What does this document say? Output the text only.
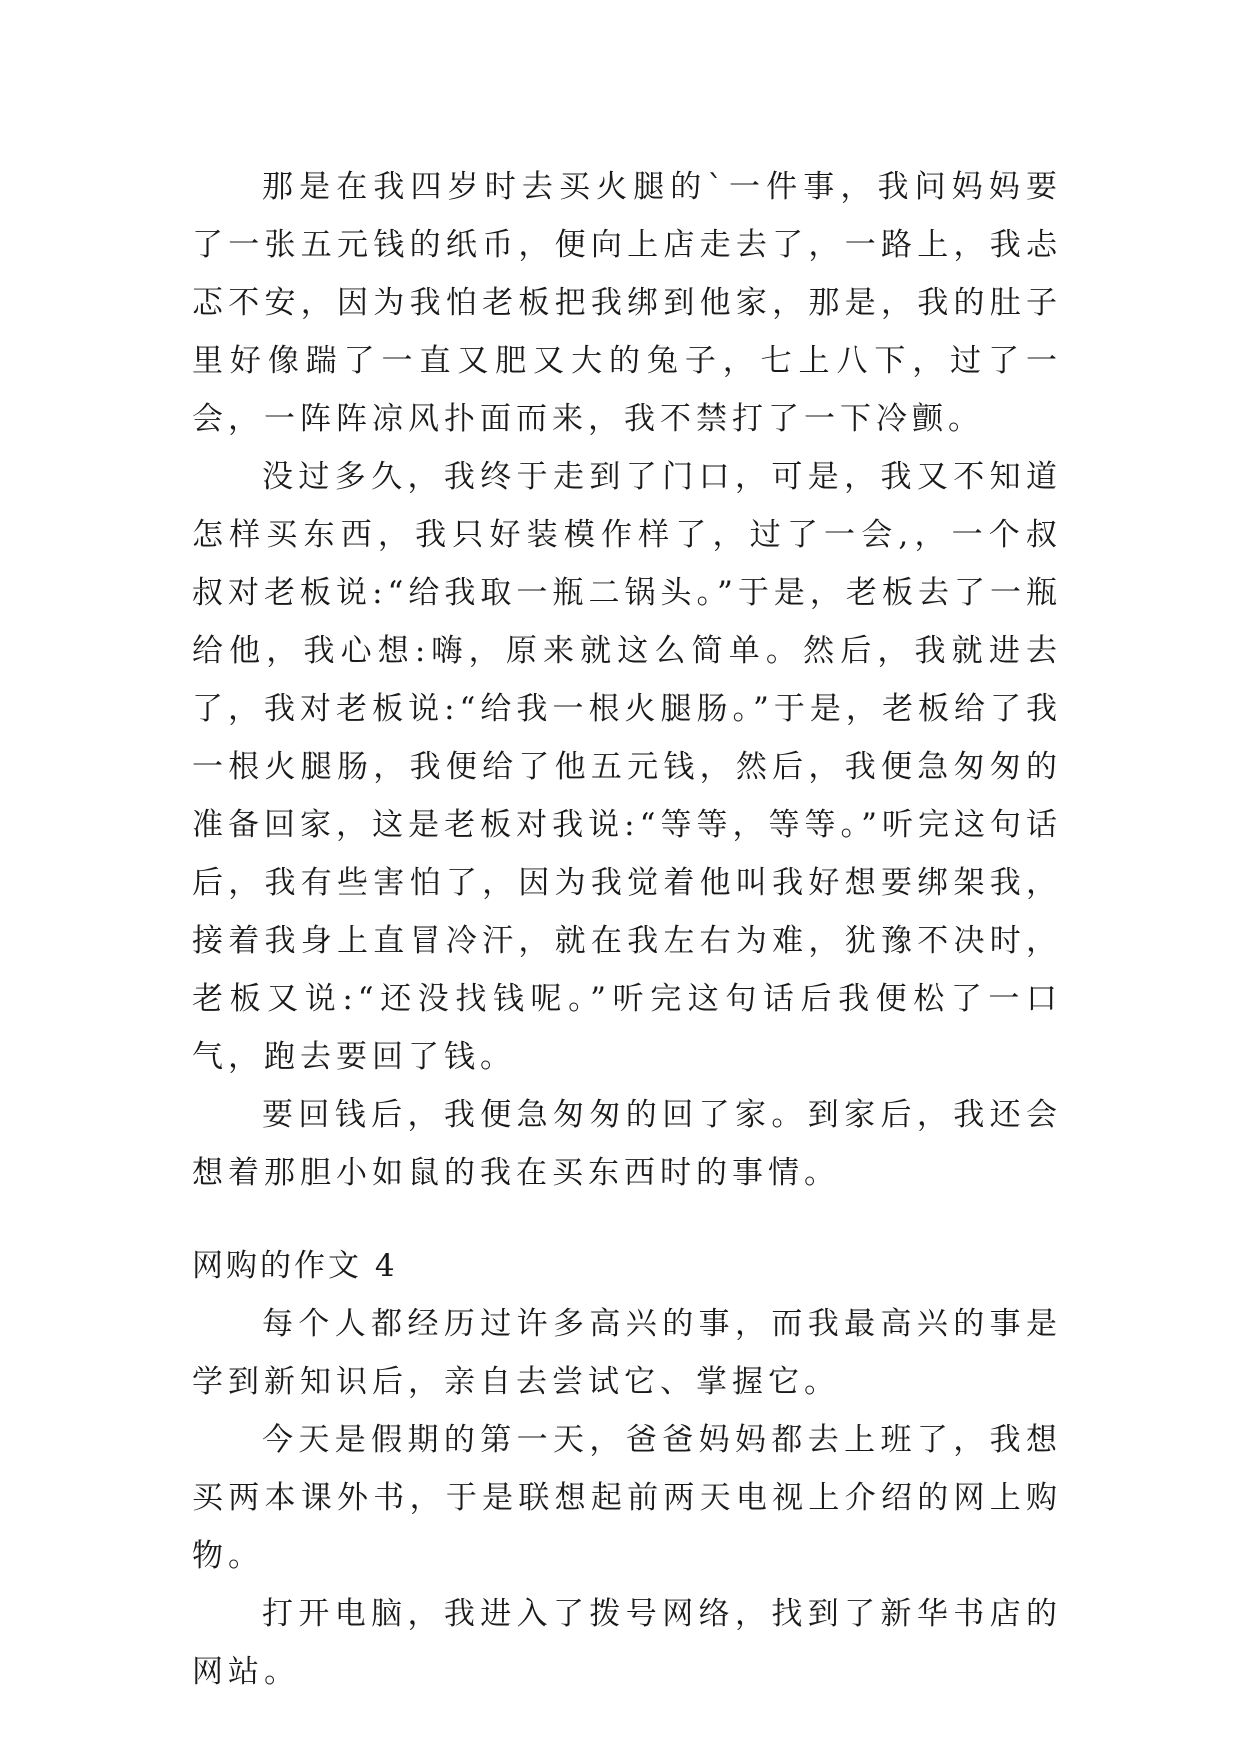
那是在我四岁时去买火腿的`一件事，我问妈妈要了一张五元钱的纸币，便向上店走去了，一路上，我忐忑不安，因为我怕老板把我绑到他家，那是，我的肚子里好像踹了一直又肥又大的兔子，七上八下，过了一会，一阵阵凉风扑面而来，我不禁打了一下冷颤。

没过多久，我终于走到了门口，可是，我又不知道怎样买东西，我只好装模作样了，过了一会,，一个叔叔对老板说:“给我取一瓶二锅头。”于是，老板去了一瓶给他，我心想:嗨，原来就这么简单。然后，我就进去了，我对老板说:“给我一根火腿肠。”于是，老板给了我一根火腿肠，我便给了他五元钱，然后，我便急匆匆的准备回家，这是老板对我说:“等等，等等。”听完这句话后，我有些害怕了，因为我觉着他叫我好想要绑架我，接着我身上直冒冷汗，就在我左右为难，犹豫不决时，老板又说:“还没找钱呢。”听完这句话后我便松了一口气，跑去要回了钱。

要回钱后，我便急匆匆的回了家。到家后，我还会想着那胆小如鼠的我在买东西时的事情。

网购的作文 4

每个人都经历过许多高兴的事，而我最高兴的事是学到新知识后，亲自去尝试它、掌握它。

今天是假期的第一天，爸爸妈妈都去上班了，我想买两本课外书，于是联想起前两天电视上介绍的网上购物。

打开电脑，我进入了拨号网络，找到了新华书店的网站。
